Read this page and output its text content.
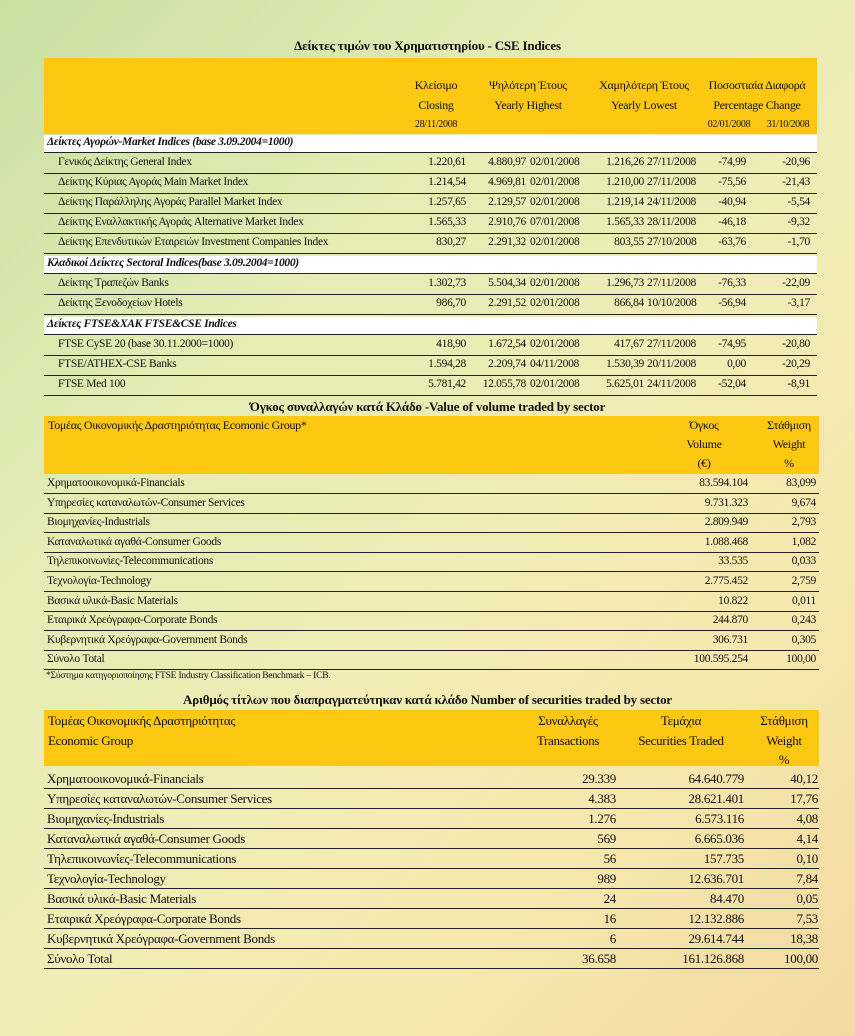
Δείκτες τιμών του Χρηματιστηρίου - CSE Indices
Κλείσιμο
Closing
28/11/2008
Ψηλότερη Έτους
Yearly Highest
Χαμηλότερη Έτους
Yearly Lowest
Ποσοστιαία Διαφορά
Percentage Change
02/01/2008	31/10/2008
Δείκτες Αγορών-Market Indices (base 3.09.2004=1000)
Γενικός Δείκτης General Index	1.220,61	4.880,97 02/01/2008	1.216,26 27/11/2008	-74,99	-20,96
Δείκτης Κύριας Αγοράς Main Market Index	1.214,54	4.969,81 02/01/2008	1.210,00 27/11/2008	-75,56	-21,43
Δείκτης Παράλληλης Αγοράς Parallel Market Index	1.257,65	2.129,57 02/01/2008	1.219,14 24/11/2008	-40,94	-5,54
Δείκτης Εναλλακτικής Αγοράς Alternative Market Index	1.565,33	2.910,76 07/01/2008	1.565,33 28/11/2008	-46,18	-9,32
Δείκτης Επενδυτικών Εταιρειών Investment Companies Index	830,27	2.291,32 02/01/2008	803,55 27/10/2008	-63,76	-1,70
Κλαδικοί Δείκτες Sectoral Indices(base 3.09.2004=1000)
Δείκτης Τραπεζών Banks	1.302,73	5.504,34 02/01/2008	1.296,73 27/11/2008	-76,33	-22,09
Δείκτης Ξενοδοχείων Hotels	986,70	2.291,52 02/01/2008	866,84 10/10/2008	-56,94	-3,17
Δείκτες FTSE&ΧΑΚ FTSE&CSE Indices
FTSE CySE 20 (base 30.11.2000=1000)	418,90	1.672,54 02/01/2008	417,67 27/11/2008	-74,95	-20,80
FTSE/ATHEX-CSE Banks	1.594,28	2.209,74 04/11/2008	1.530,39 20/11/2008	0,00	-20,29
FTSE Med 100	5.781,42	12.055,78 02/01/2008	5.625,01 24/11/2008	-52,04	-8,91
Όγκος συναλλαγών κατά Κλάδο -Value of volume traded by sector
Τομέας Οικονομικής Δραστηριότητας Ecomonic Group*	Όγκος
Volume
(€)
Στάθμιση
Weight
%
Χρηματοοικονομικά-Financials	83.594.104	83,099
Υπηρεσίες καταναλωτών-Consumer Services	9.731.323	9,674
Βιομηχανίες-Industrials	2.809.949	2,793
Καταναλωτικά αγαθά-Consumer Goods	1.088.468	1,082
Τηλεπικοινωνίες-Telecommunications	33.535	0,033
Τεχνολογία-Technology	2.775.452	2,759
Βασικά υλικά-Basic Materials	10.822	0,011
Εταιρικά Χρεόγραφα-Corporate Bonds	244.870	0,243
Κυβερνητικά Χρεόγραφα-Government Bonds	306.731	0,305
Σύνολο Total	100.595.254	100,00
*Σύστημα κατηγοριοποίησης FTSE Industry Classification Benchmark – ICB.
Αριθμός τίτλων που διαπραγματεύτηκαν κατά κλάδο Number of securities traded by sector
Τομέας Οικονομικής Δραστηριότητας
Economic Group
Συναλλαγές
Transactions
Τεμάχια
Securities Traded
Στάθμιση
Weight
%
Χρηματοοικονομικά-Financials	29.339	64.640.779	40,12
Υπηρεσίες καταναλωτών-Consumer Services	4.383	28.621.401	17,76
Βιομηχανίες-Industrials	1.276	6.573.116	4,08
Καταναλωτικά αγαθά-Consumer Goods	569	6.665.036	4,14
Τηλεπικοινωνίες-Telecommunications	56	157.735	0,10
Τεχνολογία-Technology	989	12.636.701	7,84
Βασικά υλικά-Basic Materials	24	84.470	0,05
Εταιρικά Χρεόγραφα-Corporate Bonds	16	12.132.886	7,53
Κυβερνητικά Χρεόγραφα-Government Bonds	6	29.614.744	18,38
Σύνολο Total	36.658	161.126.868	100,00
